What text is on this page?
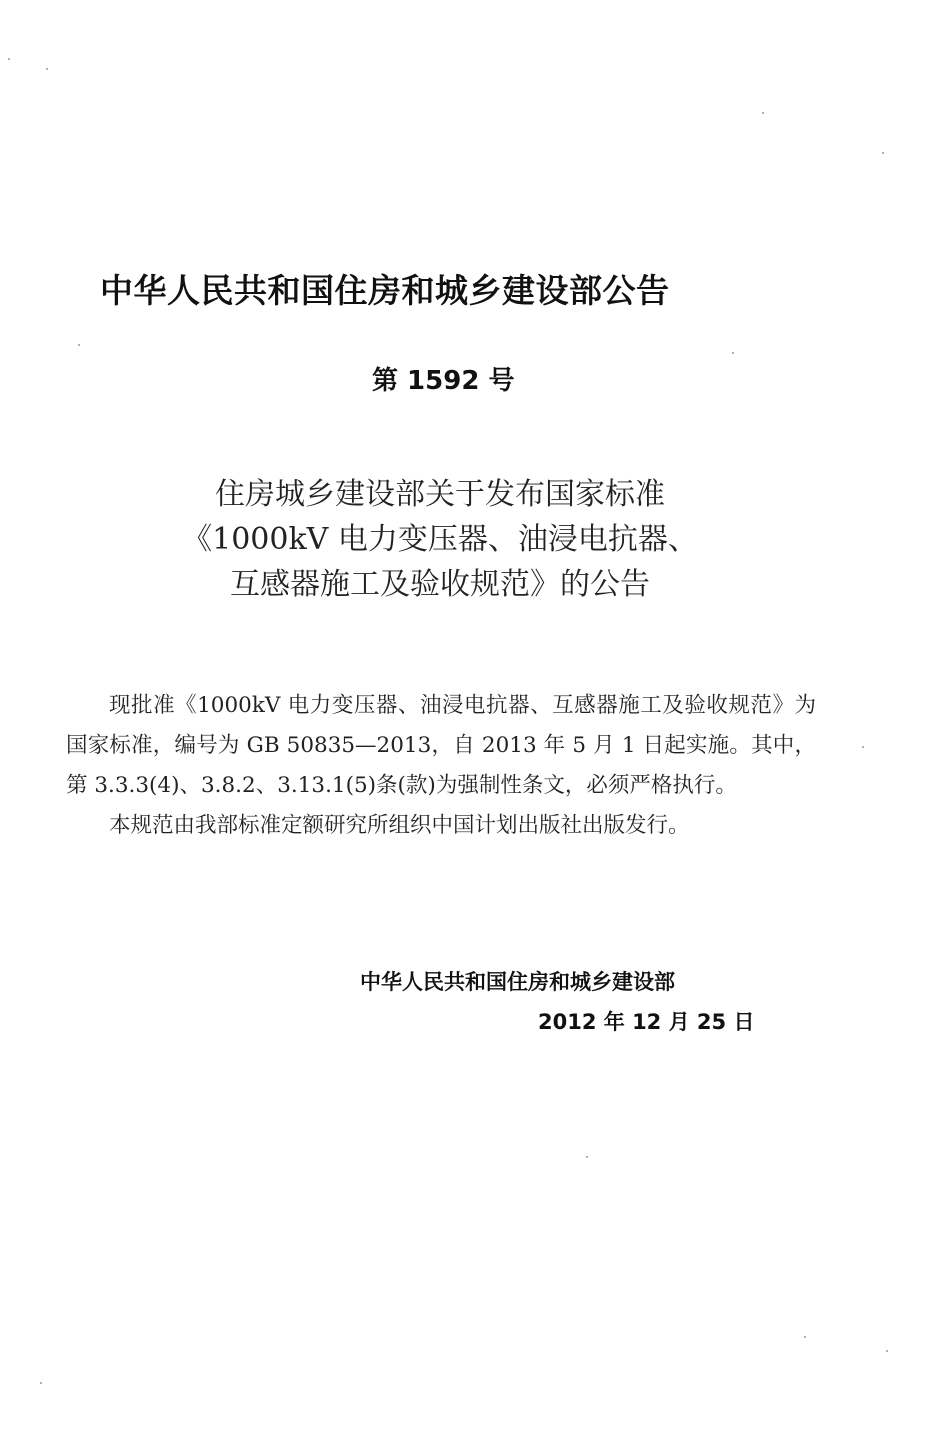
中华人民共和国住房和城乡建设部公告
第 1592 号
住房城乡建设部关于发布国家标准
《1000kV 电力变压器、油浸电抗器、
互感器施工及验收规范》的公告

现批准《1000kV 电力变压器、油浸电抗器、互感器施工及验收规范》为国家标准，编号为 GB 50835—2013，自 2013 年 5 月 1 日起实施。其中，第 3.3.3(4)、3.8.2、3.13.1(5)条(款)为强制性条文，必须严格执行。

本规范由我部标准定额研究所组织中国计划出版社出版发行。

中华人民共和国住房和城乡建设部
2012 年 12 月 25 日
